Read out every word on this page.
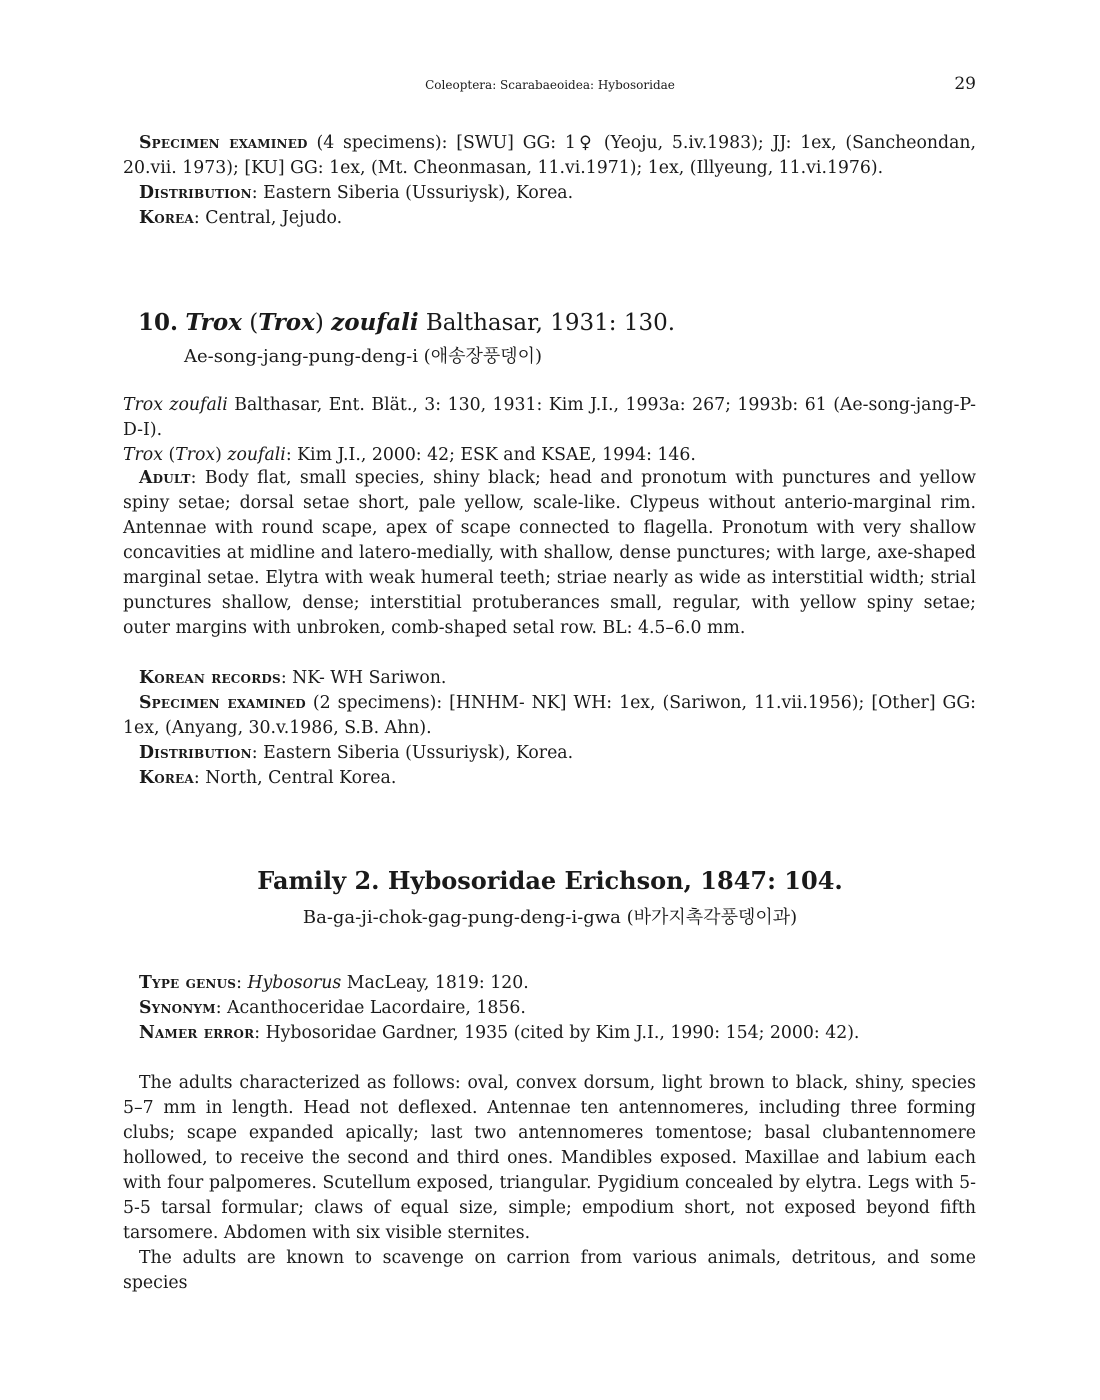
Coleoptera: Scarabaeoidea: Hybosoridae	29

Specimen examined (4 specimens): [SWU] GG: 1♀ (Yeoju, 5.iv.1983); JJ: 1ex, (Sancheondan, 20.vii. 1973); [KU] GG: 1ex, (Mt. Cheonmasan, 11.vi.1971); 1ex, (Illyeung, 11.vi.1976).

Distribution: Eastern Siberia (Ussuriysk), Korea.

Korea: Central, Jejudo.

10. Trox (Trox) zoufali Balthasar, 1931: 130.
Ae-song-jang-pung-deng-i (애송장풍뎅이)

Trox zoufali Balthasar, Ent. Blät., 3: 130, 1931: Kim J.I., 1993a: 267; 1993b: 61 (Ae-song-jang-P-D-I).

Trox (Trox) zoufali: Kim J.I., 2000: 42; ESK and KSAE, 1994: 146.

Adult: Body flat, small species, shiny black; head and pronotum with punctures and yellow spiny setae; dorsal setae short, pale yellow, scale-like. Clypeus without anterio-marginal rim. Antennae with round scape, apex of scape connected to flagella. Pronotum with very shallow concavities at midline and latero-medially, with shallow, dense punctures; with large, axe-shaped marginal setae. Elytra with weak humeral teeth; striae nearly as wide as interstitial width; strial punctures shallow, dense; interstitial protuberances small, regular, with yellow spiny setae; outer margins with unbroken, comb-shaped setal row. BL: 4.5–6.0 mm.

Korean records: NK- WH Sariwon.

Specimen examined (2 specimens): [HNHM- NK] WH: 1ex, (Sariwon, 11.vii.1956); [Other] GG: 1ex, (Anyang, 30.v.1986, S.B. Ahn).

Distribution: Eastern Siberia (Ussuriysk), Korea.

Korea: North, Central Korea.

Family 2. Hybosoridae Erichson, 1847: 104.
Ba-ga-ji-chok-gag-pung-deng-i-gwa (바가지촉각풍뎅이과)

Type genus: Hybosorus MacLeay, 1819: 120.

Synonym: Acanthoceridae Lacordaire, 1856.

Namer error: Hybosoridae Gardner, 1935 (cited by Kim J.I., 1990: 154; 2000: 42).

The adults characterized as follows: oval, convex dorsum, light brown to black, shiny, species 5–7 mm in length. Head not deflexed. Antennae ten antennomeres, including three forming clubs; scape expanded apically; last two antennomeres tomentose; basal clubantennomere hollowed, to receive the second and third ones. Mandibles exposed. Maxillae and labium each with four palpomeres. Scutellum exposed, triangular. Pygidium concealed by elytra. Legs with 5-5-5 tarsal formular; claws of equal size, simple; empodium short, not exposed beyond fifth tarsomere. Abdomen with six visible sternites.

The adults are known to scavenge on carrion from various animals, detritous, and some species
